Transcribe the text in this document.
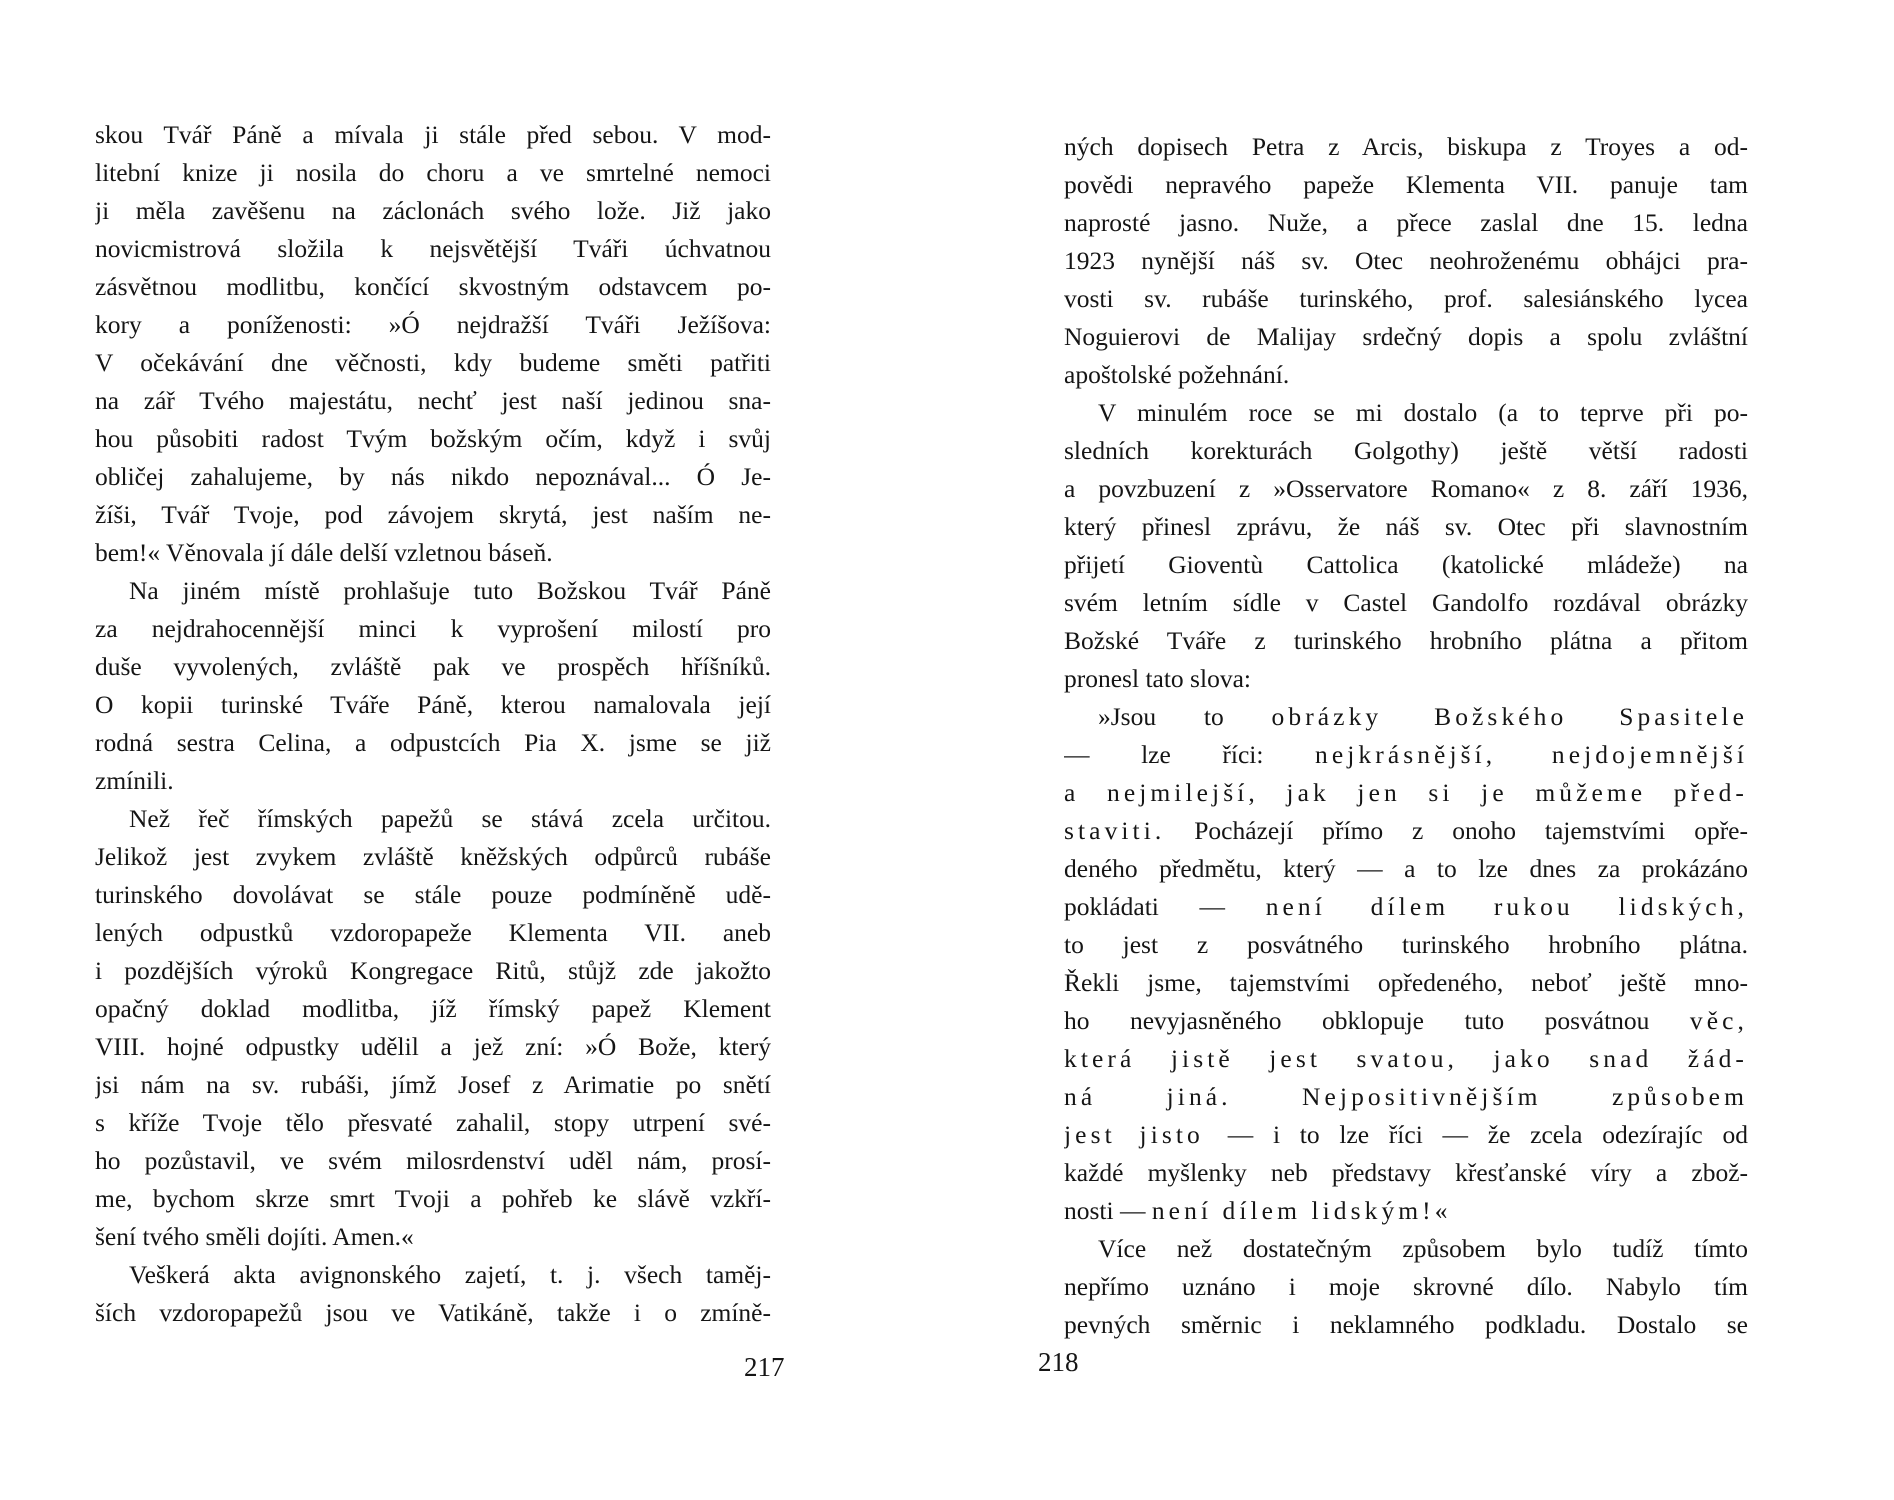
skou Tvář Páně a mívala ji stále před sebou. V mod-
litební knize ji nosila do choru a ve smrtelné nemoci
ji měla zavěšenu na záclonách svého lože. Již jako
novicmistrová složila k nejsvětější Tváři úchvatnou
zásvětnou modlitbu, končící skvostným odstavcem po-
kory a poníženosti: »Ó nejdražší Tváři Ježíšova:
V očekávání dne věčnosti, kdy budeme směti patřiti
na zář Tvého majestátu, nechť jest naší jedinou sna-
hou působiti radost Tvým božským očím, když i svůj
obličej zahalujeme, by nás nikdo nepoznával... Ó Je-
žíši, Tvář Tvoje, pod závojem skrytá, jest naším ne-
bem!« Věnovala jí dále delší vzletnou báseň.
Na jiném místě prohlašuje tuto Božskou Tvář Páně
za nejdrahocennější minci k vyprošení milostí pro
duše vyvolených, zvláště pak ve prospěch hříšníků.
O kopii turinské Tváře Páně, kterou namalovala její
rodná sestra Celina, a odpustcích Pia X. jsme se již
zmínili.
Než řeč římských papežů se stává zcela určitou.
Jelikož jest zvykem zvláště kněžských odpůrců rubáše
turinského dovolávat se stále pouze podmíněně udě-
lených odpustků vzdoropapeže Klementa VII. aneb
i pozdějších výroků Kongregace Ritů, stůjž zde jakožto
opačný doklad modlitba, jíž římský papež Klement
VIII. hojné odpustky udělil a jež zní: »Ó Bože, který
jsi nám na sv. rubáši, jímž Josef z Arimatie po snětí
s kříže Tvoje tělo přesvaté zahalil, stopy utrpení své-
ho pozůstavil, ve svém milosrdenství uděl nám, prosí-
me, bychom skrze smrt Tvoji a pohřeb ke slávě vzkří-
šení tvého směli dojíti. Amen.«
Veškerá akta avignonského zajetí, t. j. všech taměj-
ších vzdoropapežů jsou ve Vatikáně, takže i o zmíně-
ných dopisech Petra z Arcis, biskupa z Troyes a od-
povědi nepravého papeže Klementa VII. panuje tam
naprosté jasno. Nuže, a přece zaslal dne 15. ledna
1923 nynější náš sv. Otec neohroženému obhájci pra-
vosti sv. rubáše turinského, prof. salesiánského lycea
Noguierovi de Malijay srdečný dopis a spolu zvláštní
apoštolské požehnání.
V minulém roce se mi dostalo (a to teprve při po-
sledních korekturách Golgothy) ještě větší radosti
a povzbuzení z »Osservatore Romano« z 8. září 1936,
který přinesl zprávu, že náš sv. Otec při slavnostním
přijetí Gioventù Cattolica (katolické mládeže) na
svém letním sídle v Castel Gandolfo rozdával obrázky
Božské Tváře z turinského hrobního plátna a přitom
pronesl tato slova:
»Jsou to obrázky Božského Spasitele
— lze říci: nejkrásnější, nejdojemnější
a nejmilejší, jak jen si je můžeme před-
staviti. Pocházejí přímo z onoho tajemstvími opře-
deného předmětu, který — a to lze dnes za prokázáno
pokládati — není dílem rukou lidských,
to jest z posvátného turinského hrobního plátna.
Řekli jsme, tajemstvími opředeného, neboť ještě mno-
ho nevyjasněného obklopuje tuto posvátnou věc,
která jistě jest svatou, jako snad žád-
ná jiná. Nejpositivnějším způsobem
jest jisto — i to lze říci — že zcela odezírajíc od
každé myšlenky neb představy křesťanské víry a zbož-
nosti — není dílem lidským!«
Více než dostatečným způsobem bylo tudíž tímto
nepřímo uznáno i moje skrovné dílo. Nabylo tím
pevných směrnic i neklamného podkladu. Dostalo se
217	218
